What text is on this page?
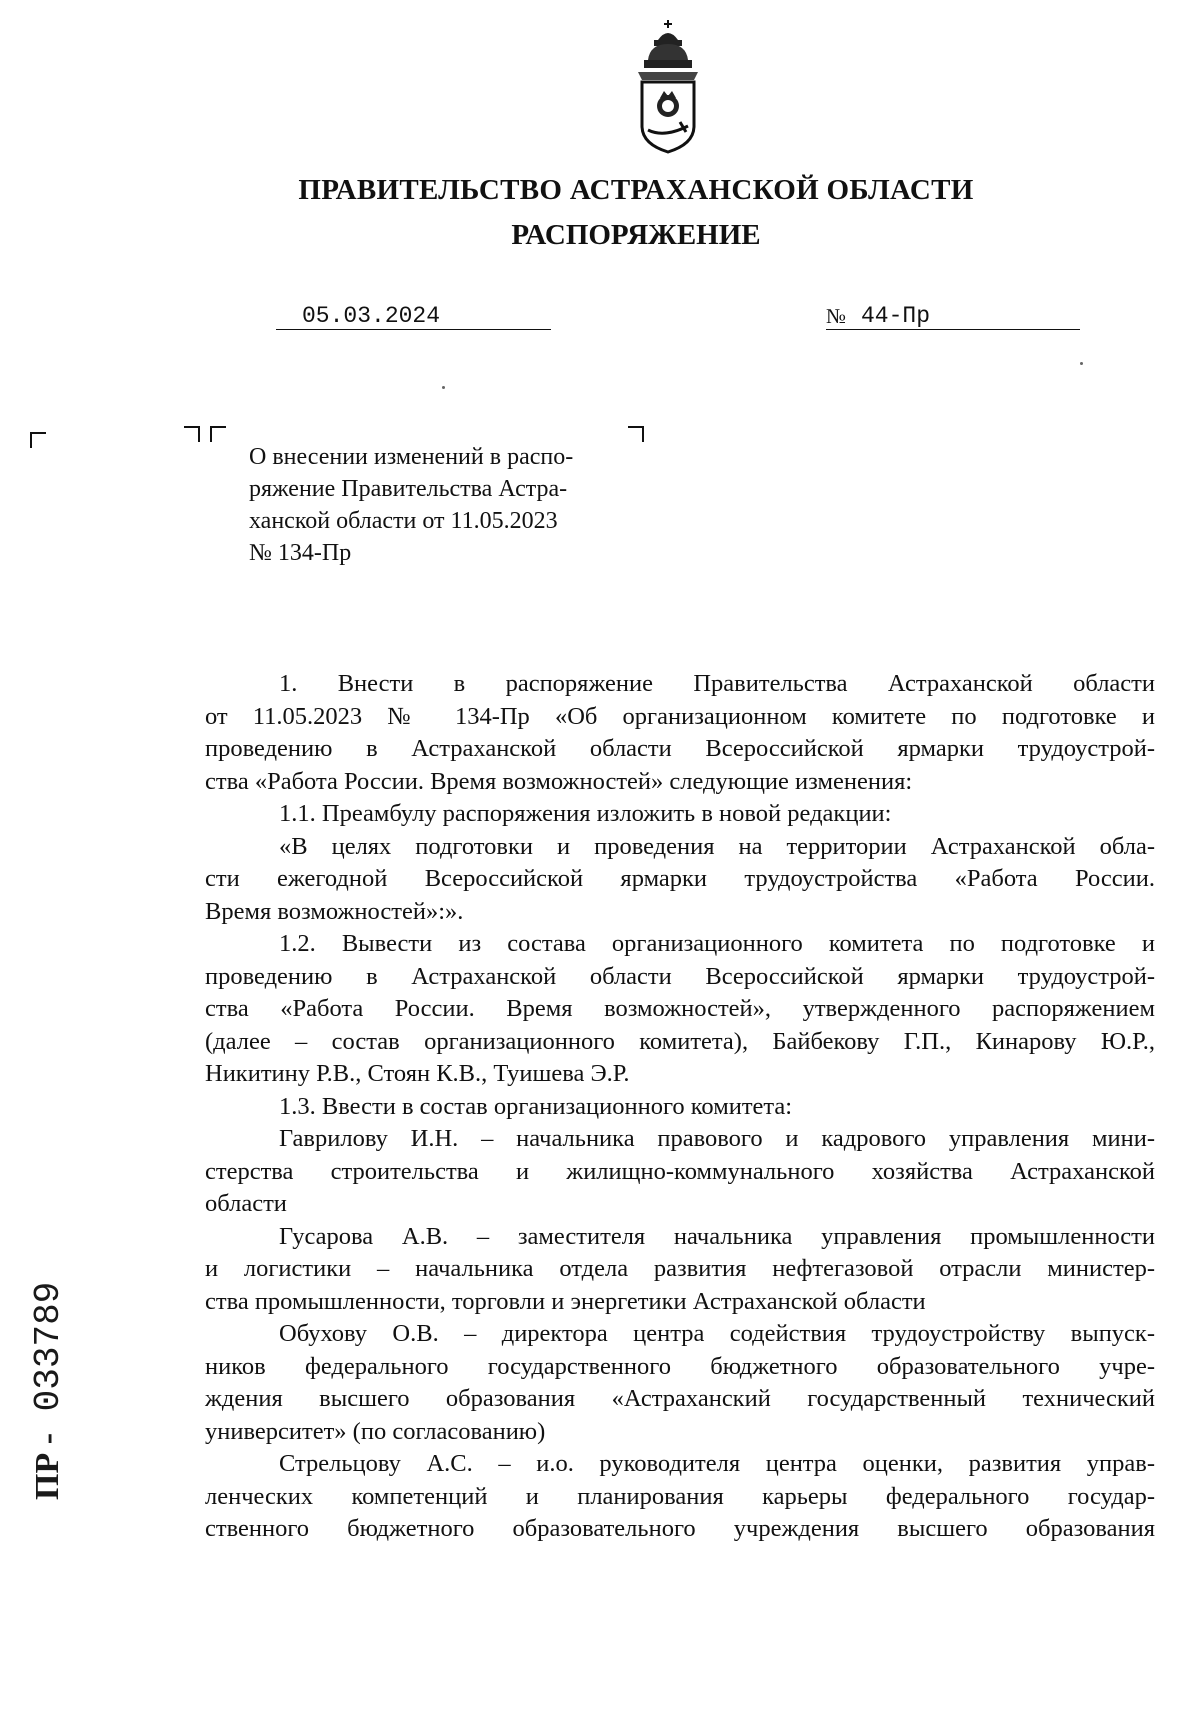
ПРАВИТЕЛЬСТВО АСТРАХАНСКОЙ ОБЛАСТИ
РАСПОРЯЖЕНИЕ
05.03.2024	№ 44-Пр
О внесении изменений в распо-
ряжение Правительства Астра-
ханской области от 11.05.2023
№ 134-Пр
1. Внести в распоряжение Правительства Астраханской области
от 11.05.2023 № 134-Пр «Об организационном комитете по подготовке и
проведению в Астраханской области Всероссийской ярмарки трудоустрой-
ства «Работа России. Время возможностей» следующие изменения:
1.1. Преамбулу распоряжения изложить в новой редакции:
«В целях подготовки и проведения на территории Астраханской обла-
сти ежегодной Всероссийской ярмарки трудоустройства «Работа России.
Время возможностей»:».
1.2. Вывести из состава организационного комитета по подготовке и
проведению в Астраханской области Всероссийской ярмарки трудоустрой-
ства «Работа России. Время возможностей», утвержденного распоряжением
(далее – состав организационного комитета), Байбекову Г.П., Кинарову Ю.Р.,
Никитину Р.В., Стоян К.В., Туишева Э.Р.
1.3. Ввести в состав организационного комитета:
Гаврилову И.Н. – начальника правового и кадрового управления мини-
стерства строительства и жилищно-коммунального хозяйства Астраханской
области
Гусарова А.В. – заместителя начальника управления промышленности
и логистики – начальника отдела развития нефтегазовой отрасли министер-
ства промышленности, торговли и энергетики Астраханской области
Обухову О.В. – директора центра содействия трудоустройству выпуск-
ников федерального государственного бюджетного образовательного учре-
ждения высшего образования «Астраханский государственный технический
университет» (по согласованию)
Стрельцову А.С. – и.о. руководителя центра оценки, развития управ-
ленческих компетенций и планирования карьеры федерального государ-
ственного бюджетного образовательного учреждения высшего образования
ПР - 033789
